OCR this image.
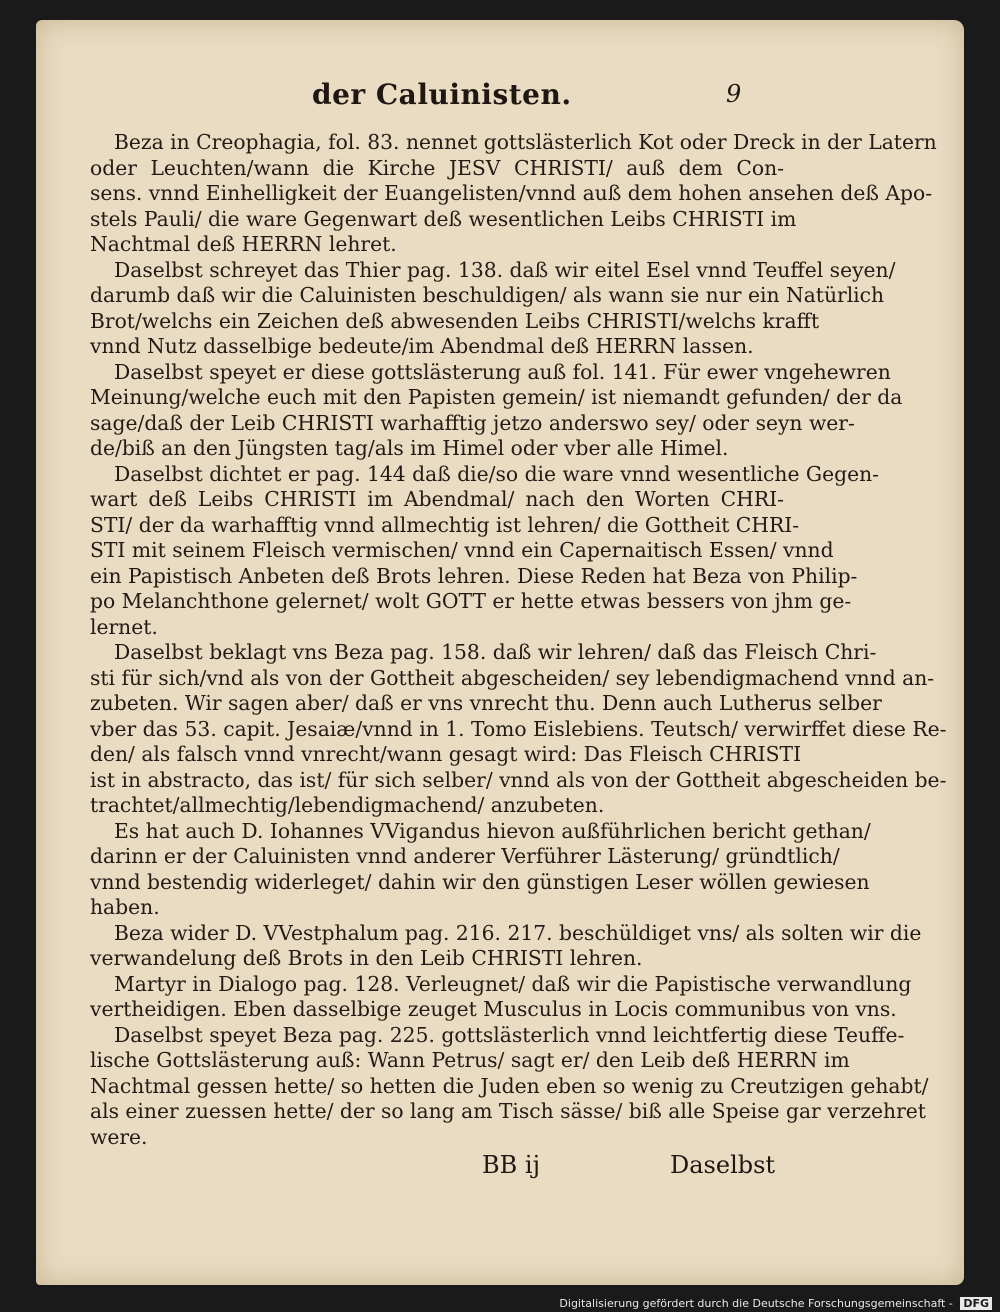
der Caluinisten.	9
Beza in Creophagia, fol. 83. nennet gottslästerlich Kot oder Dreck in der Latern
oder Leuchten/wann die Kirche JESV CHRISTI/ auß dem Con-
sens. vnnd Einhelligkeit der Euangelisten/vnnd auß dem hohen ansehen deß Apo-
stels Pauli/ die ware Gegenwart deß wesentlichen Leibs CHRISTI im
Nachtmal deß HERRN lehret.
Daselbst schreyet das Thier pag. 138. daß wir eitel Esel vnnd Teuffel seyen/
darumb daß wir die Caluinisten beschuldigen/ als wann sie nur ein Natürlich
Brot/welchs ein Zeichen deß abwesenden Leibs CHRISTI/welchs krafft
vnnd Nutz dasselbige bedeute/im Abendmal deß HERRN lassen.
Daselbst speyet er diese gottslästerung auß fol. 141. Für ewer vngehewren
Meinung/welche euch mit den Papisten gemein/ ist niemandt gefunden/ der da
sage/daß der Leib CHRISTI warhafftig jetzo anderswo sey/ oder seyn wer-
de/biß an den Jüngsten tag/als im Himel oder vber alle Himel.
Daselbst dichtet er pag. 144 daß die/so die ware vnnd wesentliche Gegen-
wart deß Leibs CHRISTI im Abendmal/ nach den Worten CHRI-
STI/ der da warhafftig vnnd allmechtig ist lehren/ die Gottheit CHRI-
STI mit seinem Fleisch vermischen/ vnnd ein Capernaitisch Essen/ vnnd
ein Papistisch Anbeten deß Brots lehren. Diese Reden hat Beza von Philip-
po Melanchthone gelernet/ wolt GOTT er hette etwas bessers von jhm ge-
lernet.
Daselbst beklagt vns Beza pag. 158. daß wir lehren/ daß das Fleisch Chri-
sti für sich/vnd als von der Gottheit abgescheiden/ sey lebendigmachend vnnd an-
zubeten. Wir sagen aber/ daß er vns vnrecht thu. Denn auch Lutherus selber
vber das 53. capit. Jesaiæ/vnnd in 1. Tomo Eislebiens. Teutsch/ verwirffet diese Re-
den/ als falsch vnnd vnrecht/wann gesagt wird: Das Fleisch CHRISTI
ist in abstracto, das ist/ für sich selber/ vnnd als von der Gottheit abgescheiden be-
trachtet/allmechtig/lebendigmachend/ anzubeten.
Es hat auch D. Iohannes VVigandus hievon außführlichen bericht gethan/
darinn er der Caluinisten vnnd anderer Verführer Lästerung/ gründtlich/
vnnd bestendig widerleget/ dahin wir den günstigen Leser wöllen gewiesen
haben.
Beza wider D. VVestphalum pag. 216. 217. beschüldiget vns/ als solten wir die
verwandelung deß Brots in den Leib CHRISTI lehren.
Martyr in Dialogo pag. 128. Verleugnet/ daß wir die Papistische verwandlung
vertheidigen. Eben dasselbige zeuget Musculus in Locis communibus von vns.
Daselbst speyet Beza pag. 225. gottslästerlich vnnd leichtfertig diese Teuffe-
lische Gottslästerung auß: Wann Petrus/ sagt er/ den Leib deß HERRN im
Nachtmal gessen hette/ so hetten die Juden eben so wenig zu Creutzigen gehabt/
als einer zuessen hette/ der so lang am Tisch sässe/ biß alle Speise gar verzehret
were.
BB ij	Daselbst
Digitalisierung gefördert durch die Deutsche Forschungsgemeinschaft - DFG
